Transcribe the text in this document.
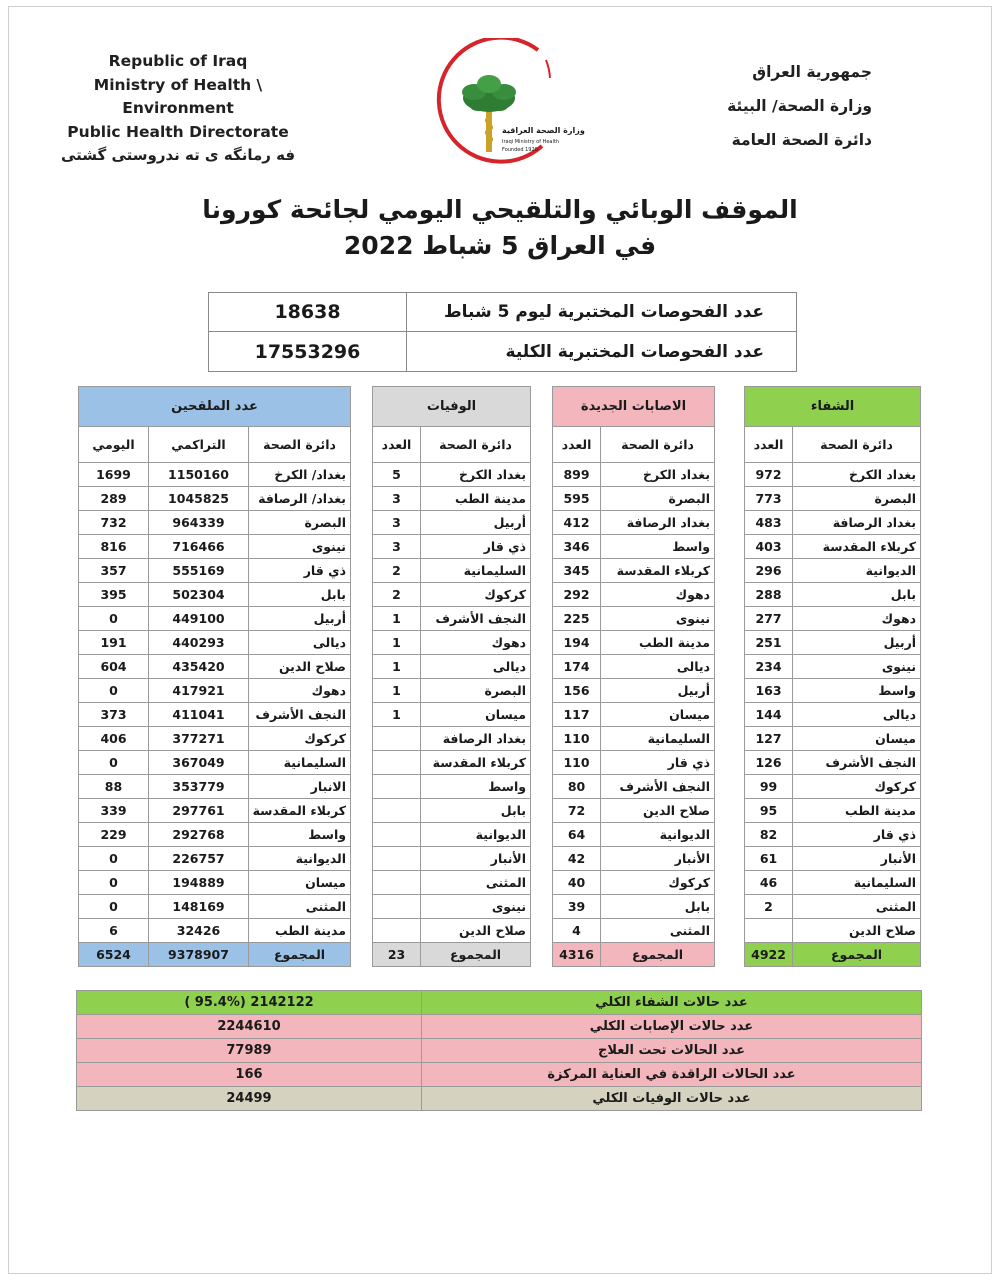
Republic of Iraq
Ministry of Health \ Environment
Public Health Directorate
فه رمانگه ى ته ندروستى گشتى
وزارة الصحة العراقية
Iraqi Ministry of Health
Founded 1920
جمهورية العراق
وزارة الصحة/ البيئة
دائرة الصحة العامة
الموقف الوبائي والتلقيحي اليومي لجائحة كورونا
في العراق 5 شباط 2022
18638	عدد الفحوصات المختبرية ليوم 5 شباط
17553296	عدد الفحوصات المختبرية الكلية
عدد الملقحين				الوفيات			الاصابات الجديدة			الشفاء	
اليومي	التراكمي	دائرة الصحة		العدد	دائرة الصحة		العدد	دائرة الصحة		العدد	دائرة الصحة
1699	1150160	بغداد/ الكرخ		5	بغداد الكرخ		899	بغداد الكرخ		972	بغداد الكرخ
289	1045825	بغداد/ الرصافة		3	مدينة الطب		595	البصرة		773	البصرة
732	964339	البصرة		3	أربيل		412	بغداد الرصافة		483	بغداد الرصافة
816	716466	نينوى		3	ذي قار		346	واسط		403	كربلاء المقدسة
357	555169	ذي قار		2	السليمانية		345	كربلاء المقدسة		296	الديوانية
395	502304	بابل		2	كركوك		292	دهوك		288	بابل
0	449100	أربيل		1	النجف الأشرف		225	نينوى		277	دهوك
191	440293	ديالى		1	دهوك		194	مدينة الطب		251	أربيل
604	435420	صلاح الدين		1	ديالى		174	ديالى		234	نينوى
0	417921	دهوك		1	البصرة		156	أربيل		163	واسط
373	411041	النجف الأشرف		1	ميسان		117	ميسان		144	ديالى
406	377271	كركوك			بغداد الرصافة		110	السليمانية		127	ميسان
0	367049	السليمانية			كربلاء المقدسة		110	ذي قار		126	النجف الأشرف
88	353779	الانبار			واسط		80	النجف الأشرف		99	كركوك
339	297761	كربلاء المقدسة			بابل		72	صلاح الدين		95	مدينة الطب
229	292768	واسط			الديوانية		64	الديوانية		82	ذي قار
0	226757	الديوانية			الأنبار		42	الأنبار		61	الأنبار
0	194889	ميسان			المثنى		40	كركوك		46	السليمانية
0	148169	المثنى			نينوى		39	بابل		2	المثنى
6	32426	مدينة الطب			صلاح الدين		4	المثنى			صلاح الدين
6524	9378907	المجموع		23	المجموع		4316	المجموع		4922	المجموع
( 95.4%) 2142122	عدد حالات الشفاء الكلي
2244610	عدد حالات الإصابات الكلي
77989	عدد الحالات تحت العلاج
166	عدد الحالات الراقدة في العناية المركزة
24499	عدد حالات الوفيات الكلي
